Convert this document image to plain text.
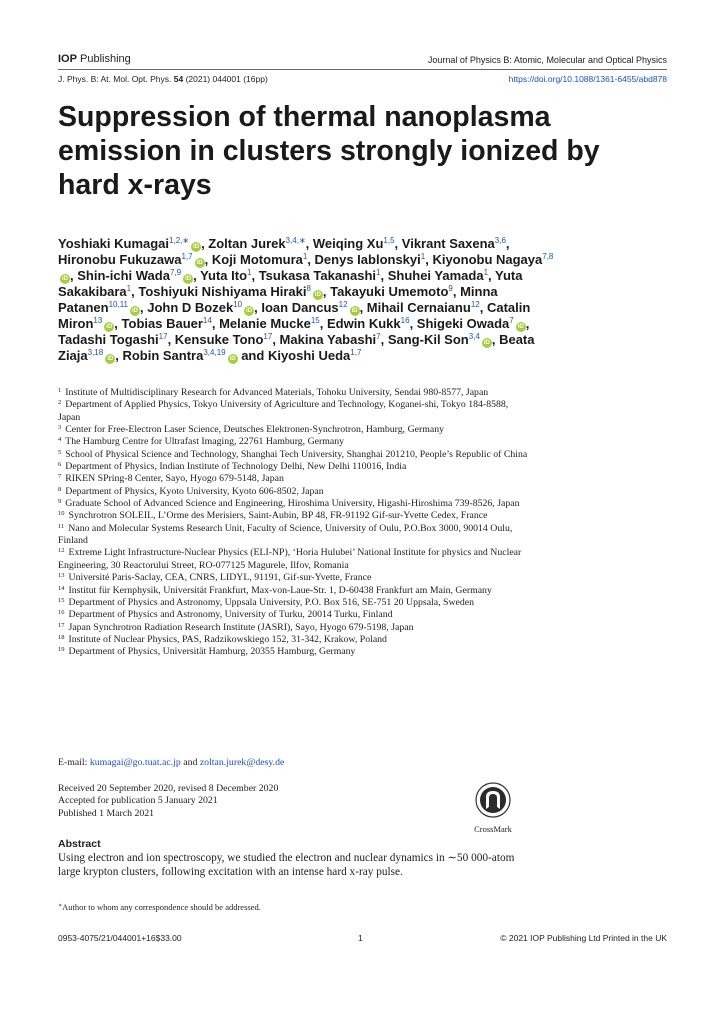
IOP Publishing	Journal of Physics B: Atomic, Molecular and Optical Physics
J. Phys. B: At. Mol. Opt. Phys. 54 (2021) 044001 (16pp)	https://doi.org/10.1088/1361-6455/abd878
Suppression of thermal nanoplasma emission in clusters strongly ionized by hard x-rays
Yoshiaki Kumagai$^{1,2,∗}$iD , Zoltan Jurek$^{3,4,∗}$, Weiqing Xu$^{1,5}$, Vikrant Saxena$^{3,6}$, Hironobu Fukuzawa$^{1,7}$iD , Koji Motomura$^1$, Denys Iablonskyi$^1$, Kiyonobu Nagaya$^{7,8}$iD , Shin-ichi Wada$^{7,9}$iD , Yuta Ito$^1$, Tsukasa Takanashi$^1$, Shuhei Yamada$^1$, Yuta Sakakibara$^1$, Toshiyuki Nishiyama Hiraki$^8$iD , Takayuki Umemoto$^9$, Minna Patanen$^{10,11}$iD , John D Bozek$^{10}$iD , Ioan Dancus$^{12}$iD , Mihail Cernaianu$^{12}$, Catalin Miron$^{13}$iD , Tobias Bauer$^{14}$, Melanie Mucke$^{15}$, Edwin Kukk$^{16}$, Shigeki Owada$^7$iD , Tadashi Togashi$^{17}$, Kensuke Tono$^{17}$, Makina Yabashi$^7$, Sang-Kil Son$^{3,4}$iD , Beata Ziaja$^{3,18}$iD , Robin Santra$^{3,4,19}$iD and Kiyoshi Ueda$^{1,7}$
$^1$ Institute of Multidisciplinary Research for Advanced Materials, Tohoku University, Sendai 980-8577, Japan
$^2$ Department of Applied Physics, Tokyo University of Agriculture and Technology, Koganei-shi, Tokyo 184-8588, Japan
$^3$ Center for Free-Electron Laser Science, Deutsches Elektronen-Synchrotron, Hamburg, Germany
$^4$ The Hamburg Centre for Ultrafast Imaging, 22761 Hamburg, Germany
$^5$ School of Physical Science and Technology, Shanghai Tech University, Shanghai 201210, People’s Republic of China
$^6$ Department of Physics, Indian Institute of Technology Delhi, New Delhi 110016, India
$^7$ RIKEN SPring-8 Center, Sayo, Hyogo 679-5148, Japan
$^8$ Department of Physics, Kyoto University, Kyoto 606-8502, Japan
$^9$ Graduate School of Advanced Science and Engineering, Hiroshima University, Higashi-Hiroshima 739-8526, Japan
$^{10}$ Synchrotron SOLEIL, L’Orme des Merisiers, Saint-Aubin, BP 48, FR-91192 Gif-sur-Yvette Cedex, France
$^{11}$ Nano and Molecular Systems Research Unit, Faculty of Science, University of Oulu, P.O.Box 3000, 90014 Oulu, Finland
$^{12}$ Extreme Light Infrastructure-Nuclear Physics (ELI-NP), ‘Horia Hulubei’ National Institute for physics and Nuclear Engineering, 30 Reactorului Street, RO-077125 Magurele, Ilfov, Romania
$^{13}$ Université Paris-Saclay, CEA, CNRS, LIDYL, 91191, Gif-sur-Yvette, France
$^{14}$ Institut für Kernphysik, Universität Frankfurt, Max-von-Laue-Str. 1, D-60438 Frankfurt am Main, Germany
$^{15}$ Department of Physics and Astronomy, Uppsala University, P.O. Box 516, SE-751 20 Uppsala, Sweden
$^{16}$ Department of Physics and Astronomy, University of Turku, 20014 Turku, Finland
$^{17}$ Japan Synchrotron Radiation Research Institute (JASRI), Sayo, Hyogo 679-5198, Japan
$^{18}$ Institute of Nuclear Physics, PAS, Radzikowskiego 152, 31-342, Krakow, Poland
$^{19}$ Department of Physics, Universität Hamburg, 20355 Hamburg, Germany
E-mail: kumagai@go.tuat.ac.jp and zoltan.jurek@desy.de
Received 20 September 2020, revised 8 December 2020
Accepted for publication 5 January 2021
Published 1 March 2021
CrossMark
Abstract
Using electron and ion spectroscopy, we studied the electron and nuclear dynamics in ∼50 000-atom large krypton clusters, following excitation with an intense hard x-ray pulse.
∗Author to whom any correspondence should be addressed.
0953-4075/21/044001+16$33.00	1	© 2021 IOP Publishing Ltd Printed in the UK
